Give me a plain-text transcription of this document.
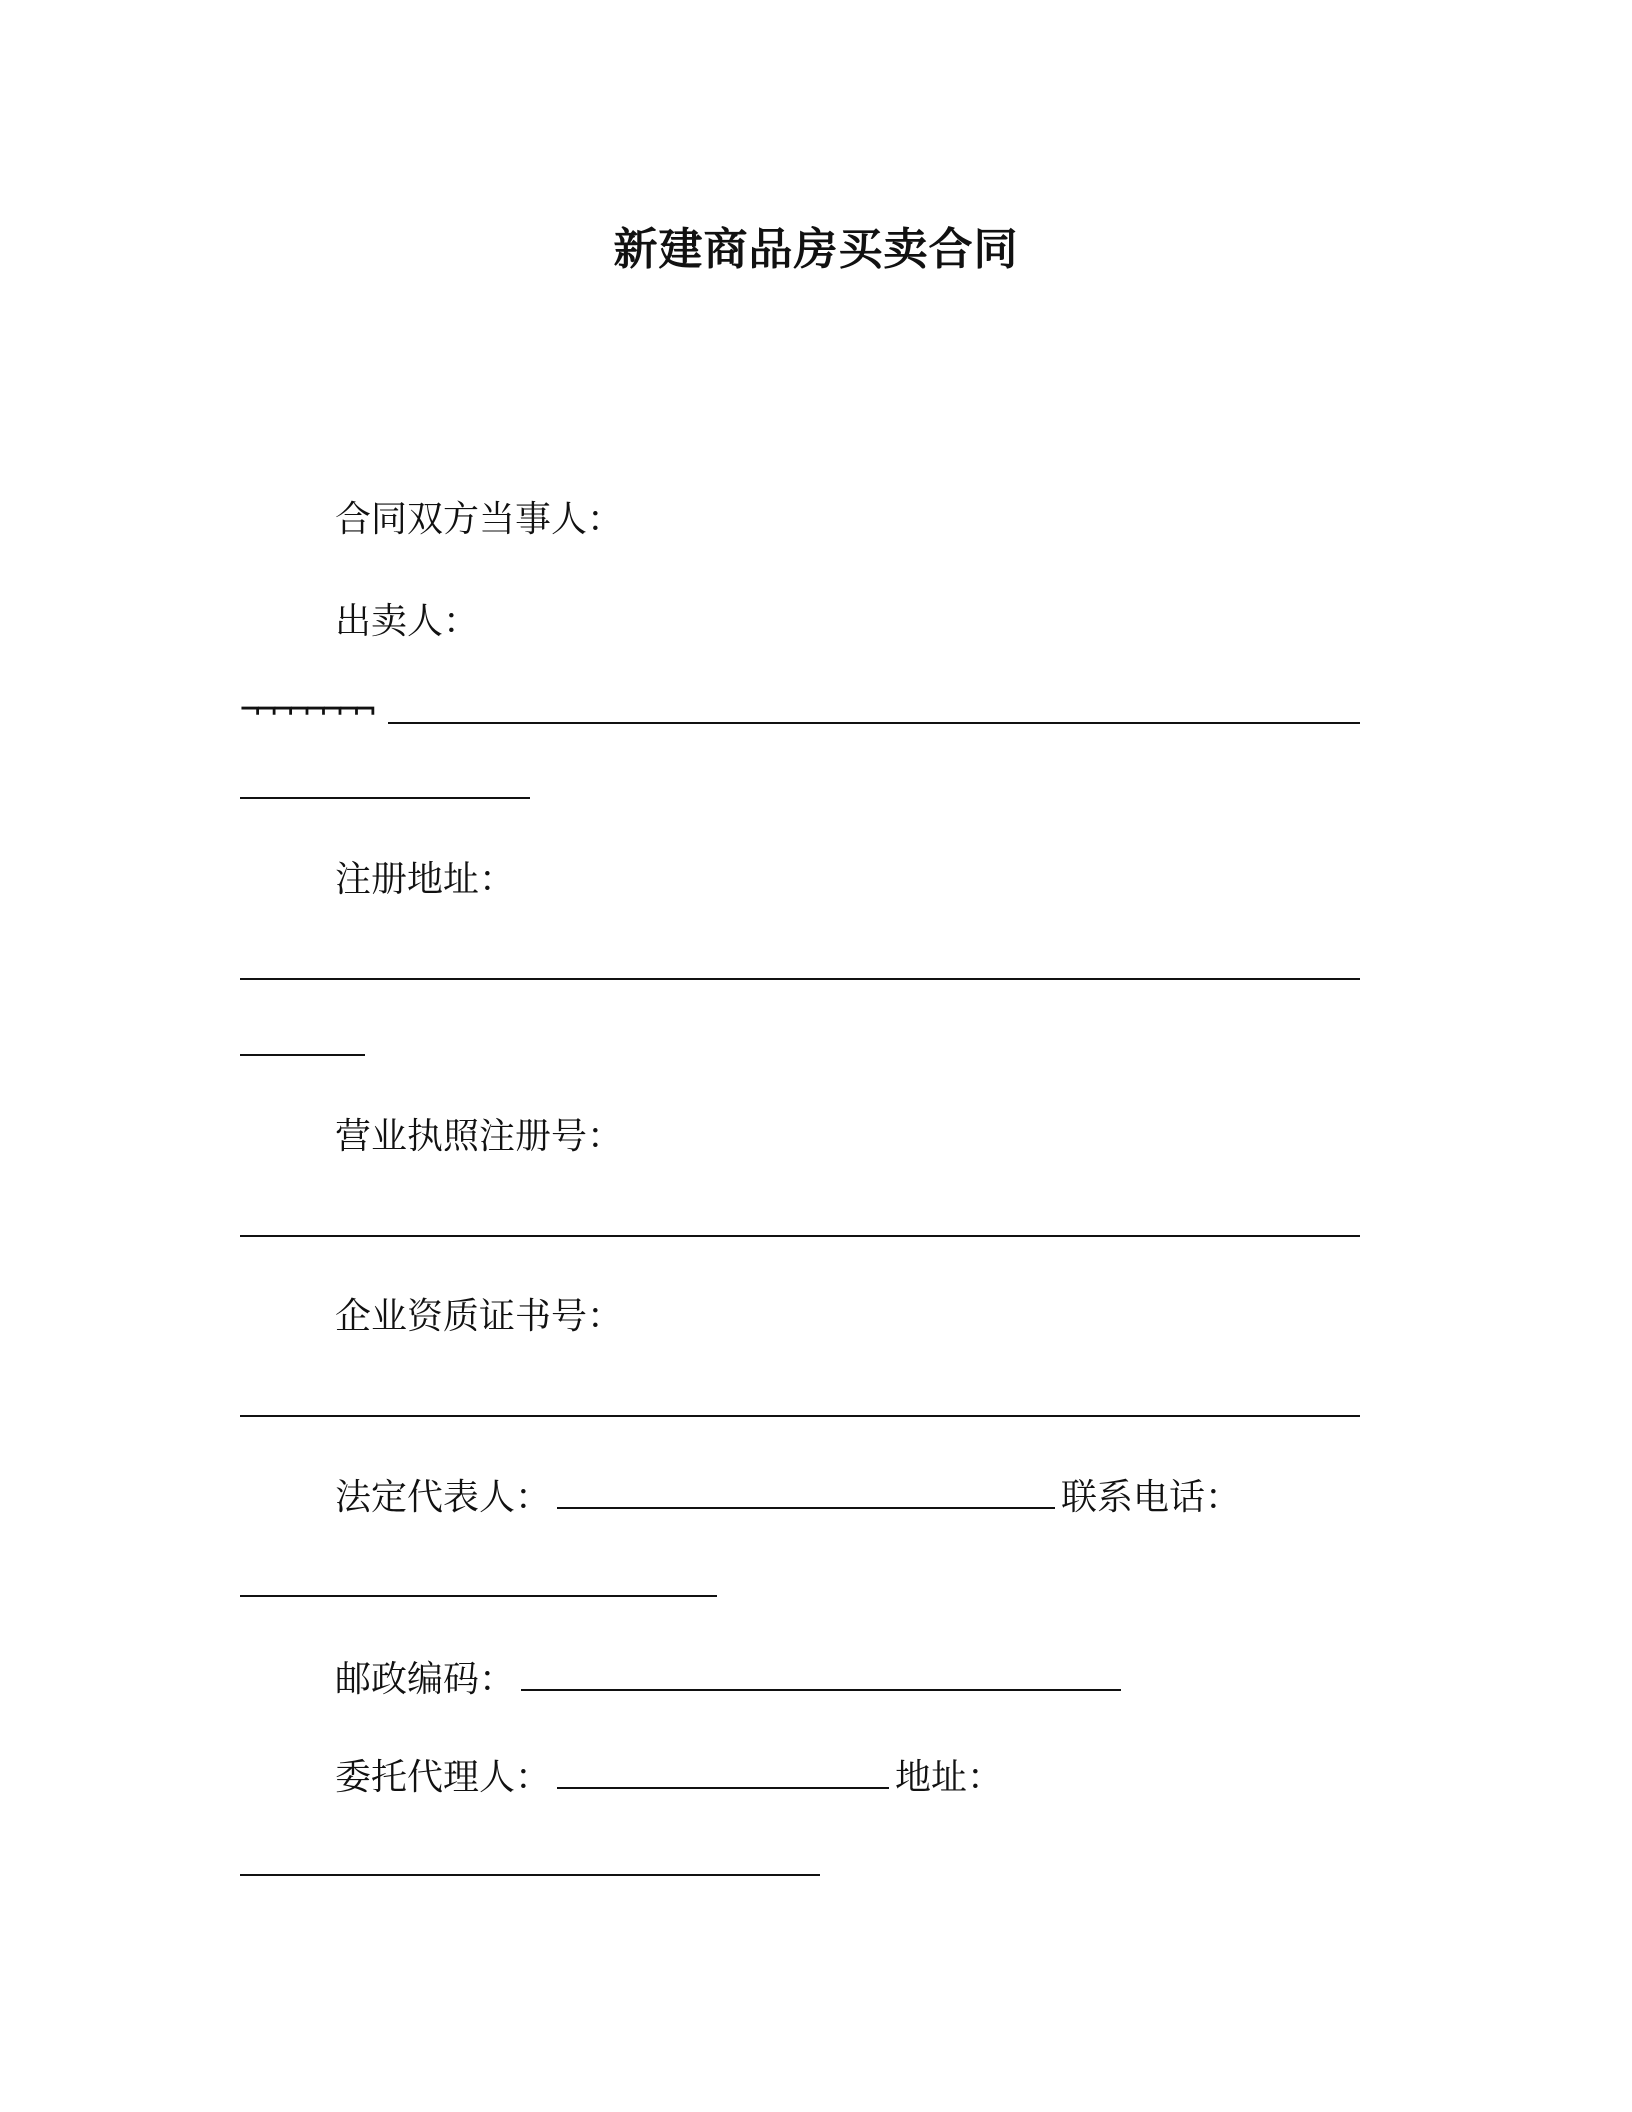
新建商品房买卖合同
合同双方当事人：
出卖人：
¬¬¬¬¬¬¬¬
注册地址：
营业执照注册号：
企业资质证书号：
法定代表人：	联系电话：
邮政编码：
委托代理人：	地址：
